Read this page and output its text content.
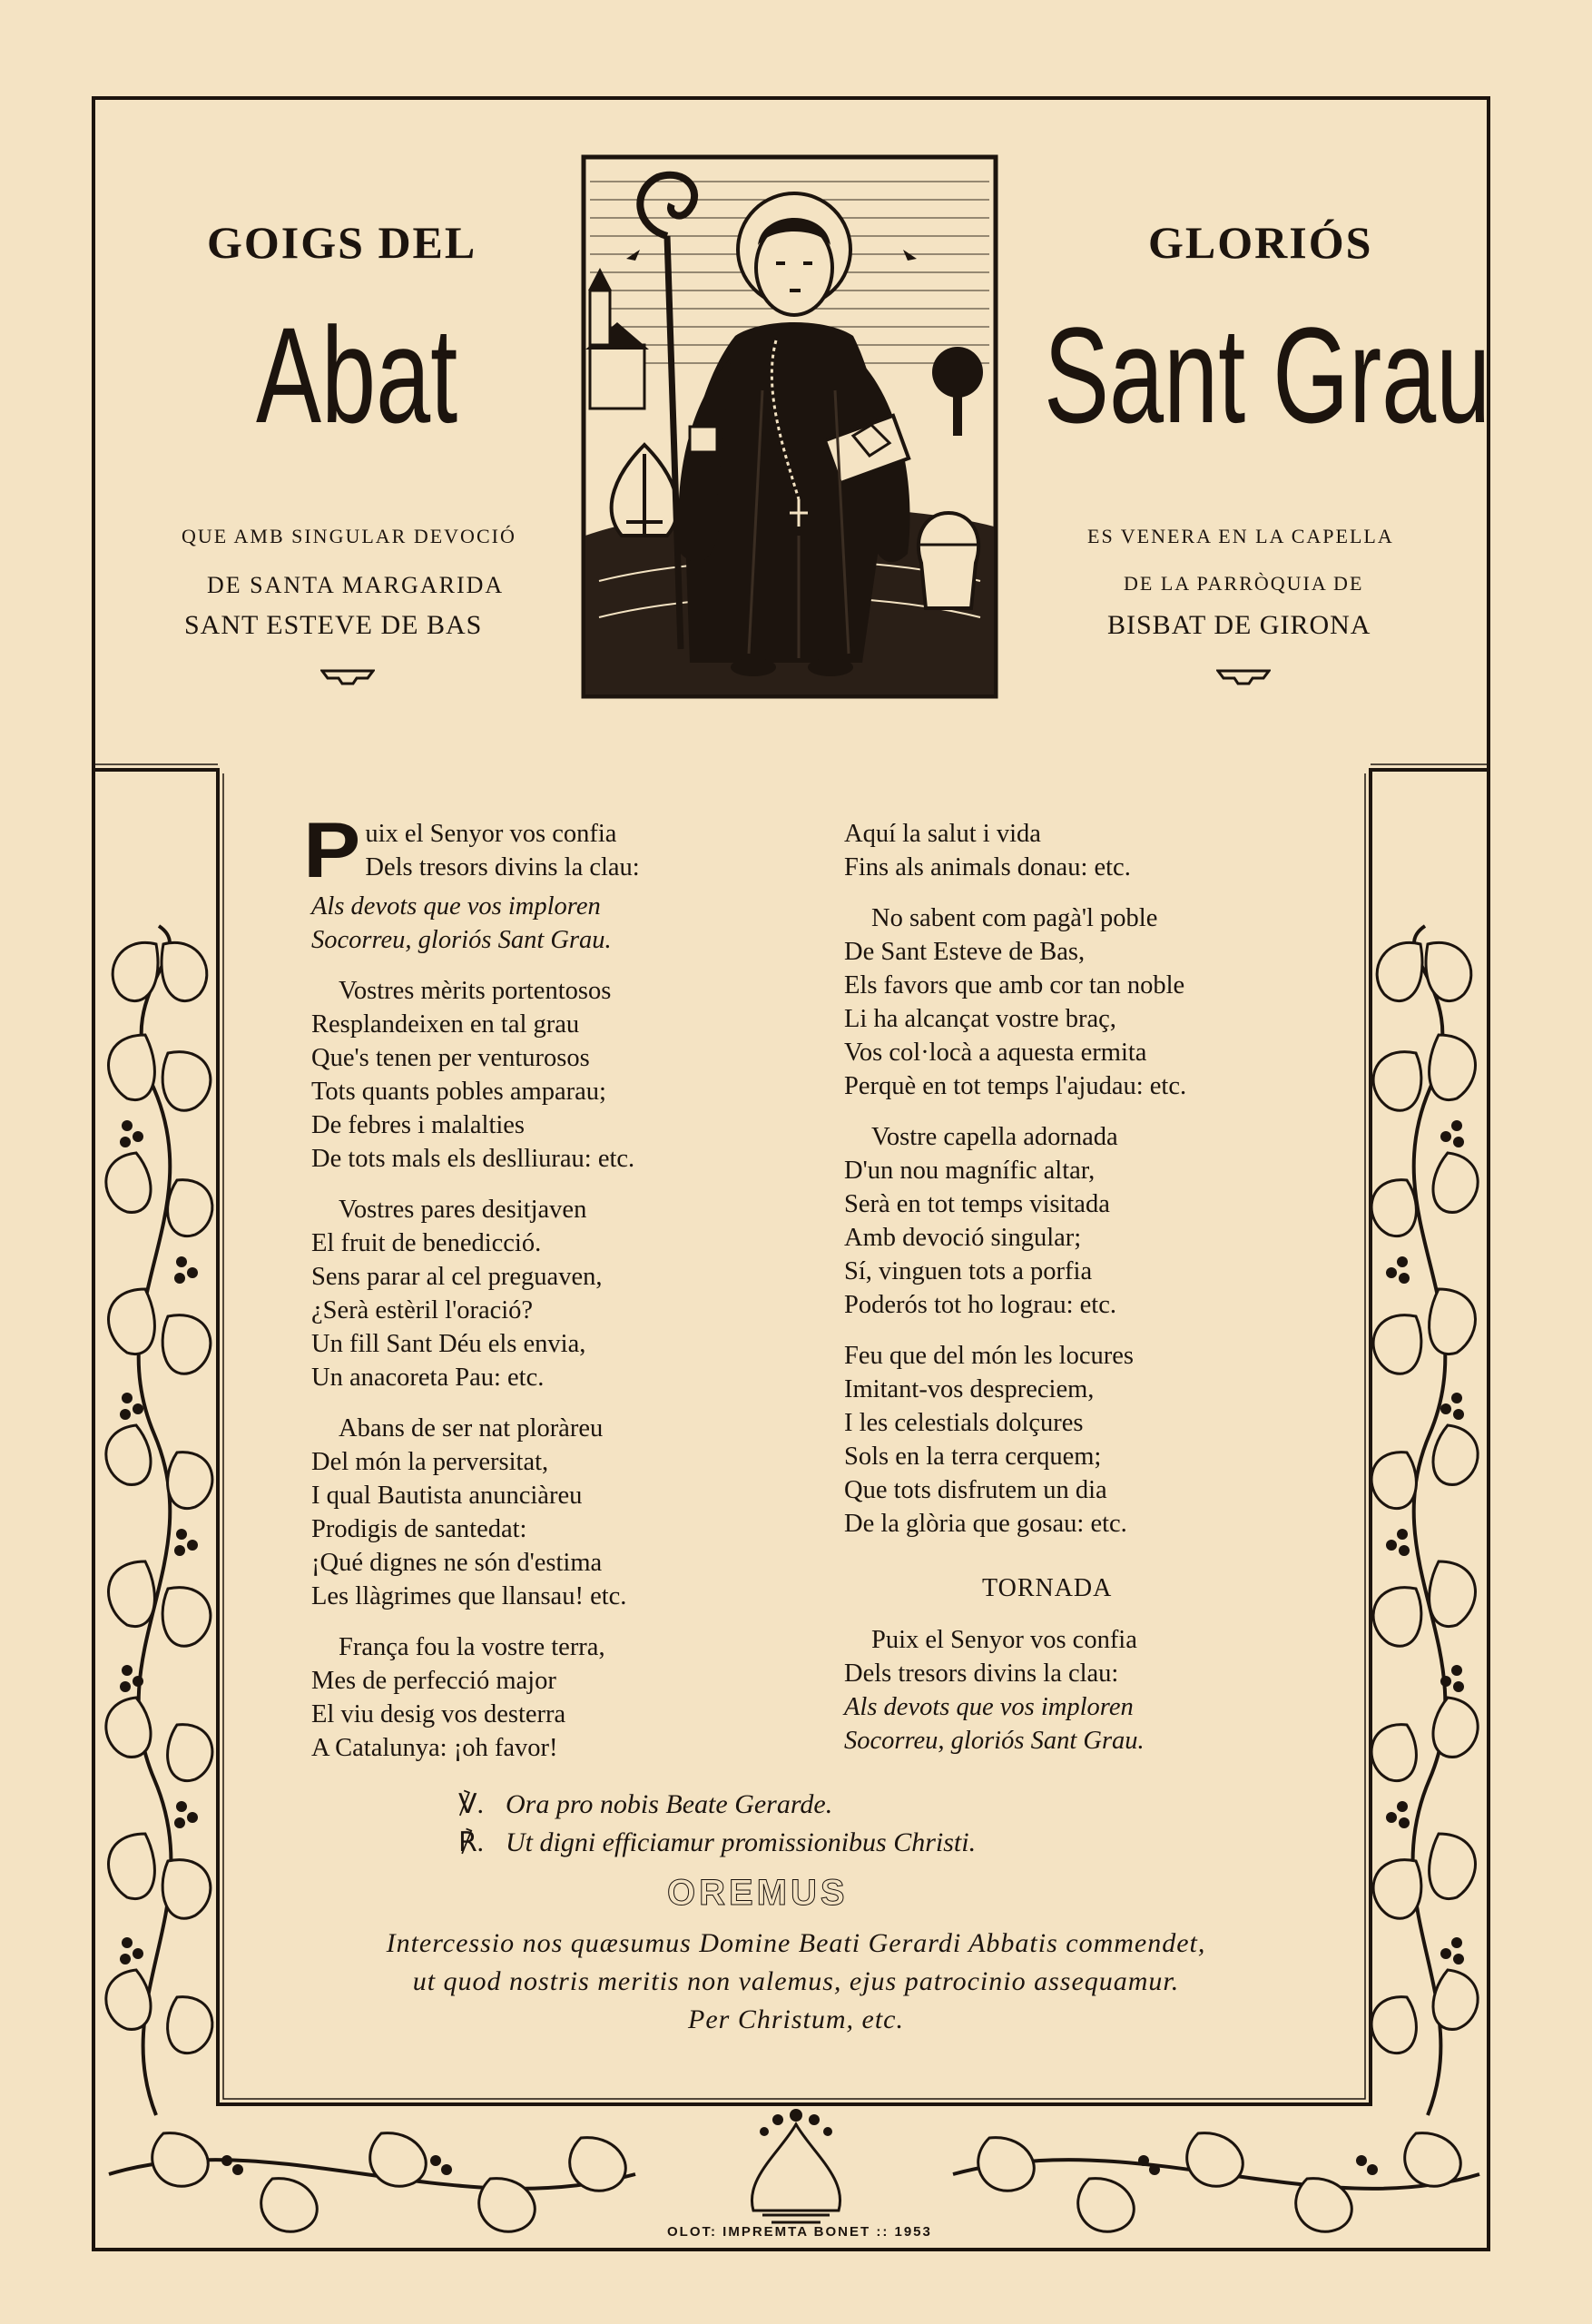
GOIGS DEL	GLORIÓS
Abat	Sant Grau
QUE AMB SINGULAR DEVOCIÓ
DE SANTA MARGARIDA
SANT ESTEVE DE BAS
ES VENERA EN LA CAPELLA
DE LA PARRÒQUIA DE
BISBAT DE GIRONA

P uix el Senyor vos confia
Dels tresors divins la clau:
Als devots que vos imploren
Socorreu, gloriós Sant Grau.

Vostres mèrits portentosos
Resplandeixen en tal grau
Que's tenen per venturosos
Tots quants pobles amparau;
De febres i malalties
De tots mals els deslliurau: etc.

Vostres pares desitjaven
El fruit de benedicció.
Sens parar al cel preguaven,
¿Serà estèril l'oració?
Un fill Sant Déu els envia,
Un anacoreta Pau: etc.

Abans de ser nat ploràreu
Del món la perversitat,
I qual Bautista anunciàreu
Prodigis de santedat:
¡Qué dignes ne són d'estima
Les llàgrimes que llansau! etc.

França fou la vostre terra,
Mes de perfecció major
El viu desig vos desterra
A Catalunya: ¡oh favor!

Aquí la salut i vida
Fins als animals donau: etc.

No sabent com pagà'l poble
De Sant Esteve de Bas,
Els favors que amb cor tan noble
Li ha alcançat vostre braç,
Vos col·locà a aquesta ermita
Perquè en tot temps l'ajudau: etc.

Vostre capella adornada
D'un nou magnífic altar,
Serà en tot temps visitada
Amb devoció singular;
Sí, vinguen tots a porfia
Poderós tot ho lograu: etc.

Feu que del món les locures
Imitant-vos despreciem,
I les celestials dolçures
Sols en la terra cerquem;
Que tots disfrutem un dia
De la glòria que gosau: etc.

TORNADA

Puix el Senyor vos confia
Dels tresors divins la clau:
Als devots que vos imploren
Socorreu, gloriós Sant Grau.

℣. Ora pro nobis Beate Gerarde.
℟. Ut digni efficiamur promissionibus Christi.
OREMUS
Intercessio nos quæsumus Domine Beati Gerardi Abbatis commendet,
ut quod nostris meritis non valemus, ejus patrocinio assequamur.
Per Christum, etc.
OLOT: IMPREMTA BONET :: 1953
